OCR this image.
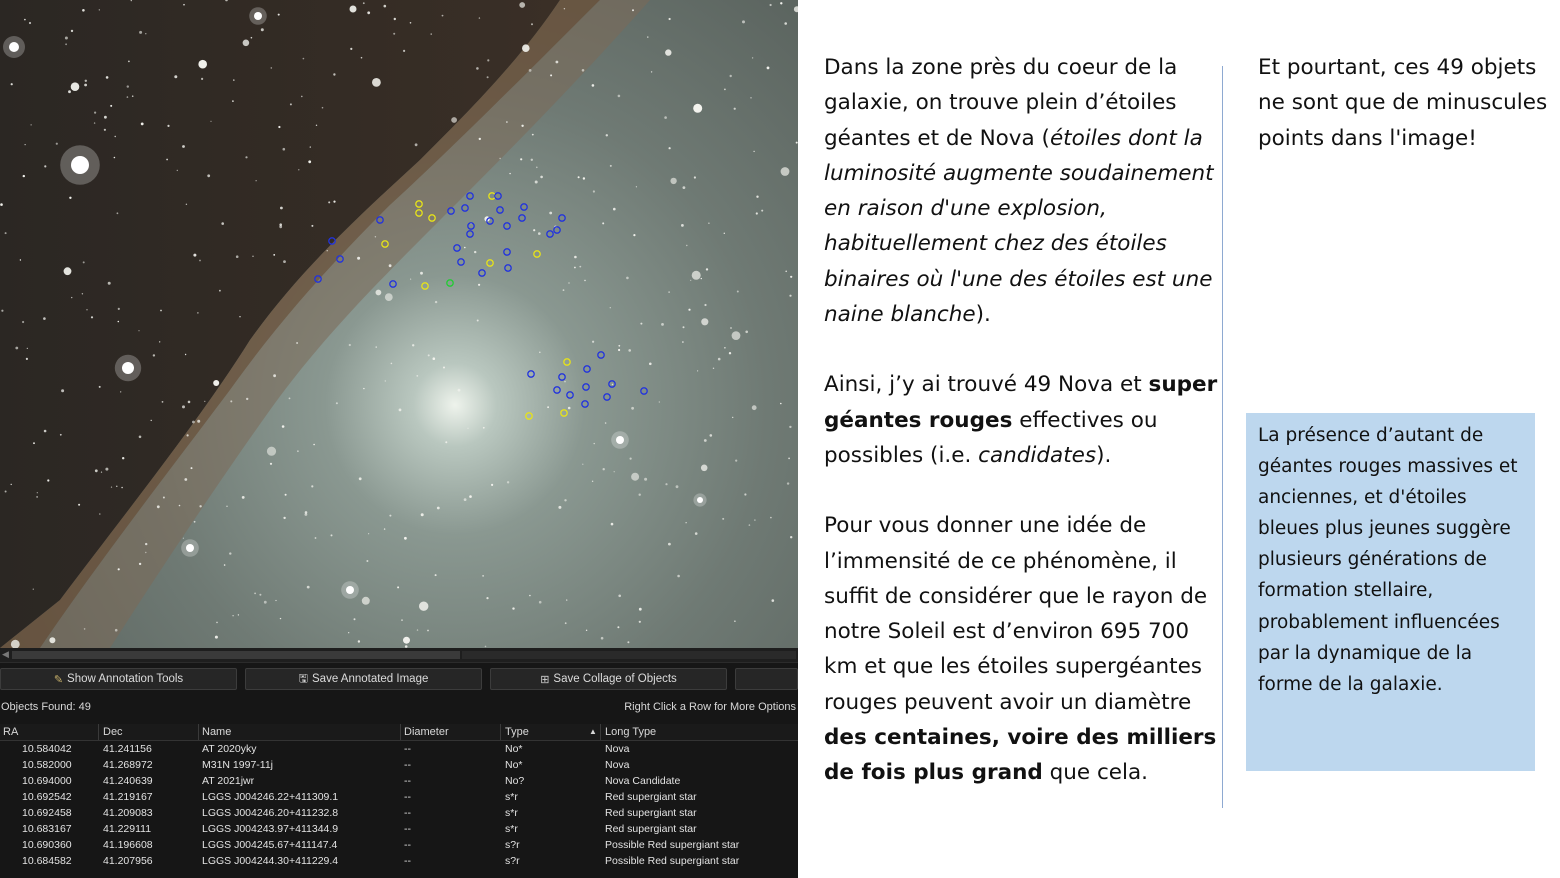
◀
✎ Show Annotation Tools	🖫 Save Annotated Image	⊞ Save Collage of Objects
Objects Found: 49	Right Click a Row for More Options
RA	Dec	Name	Diameter	Type	▲ Long Type
10.584042	41.241156	AT 2020yky	--	No*	Nova
10.582000	41.268972	M31N 1997-11j	--	No*	Nova
10.694000	41.240639	AT 2021jwr	--	No?	Nova Candidate
10.692542	41.219167	LGGS J004246.22+411309.1	--	s*r	Red supergiant star
10.692458	41.209083	LGGS J004246.20+411232.8	--	s*r	Red supergiant star
10.683167	41.229111	LGGS J004243.97+411344.9	--	s*r	Red supergiant star
10.690360	41.196608	LGGS J004245.67+411147.4	--	s?r	Possible Red supergiant star
10.684582	41.207956	LGGS J004244.30+411229.4	--	s?r	Possible Red supergiant star

Dans la zone près du coeur de la galaxie, on trouve plein d’étoiles géantes et de Nova (étoiles dont la luminosité augmente soudainement en raison d'une explosion, habituellement chez des étoiles binaires où l'une des étoiles est une naine blanche).

Ainsi, j’y ai trouvé 49 Nova et super géantes rouges effectives ou possibles (i.e. candidates).

Pour vous donner une idée de l’immensité de ce phénomène, il suffit de considérer que le rayon de notre Soleil est d’environ 695 700 km et que les étoiles supergéantes rouges peuvent avoir un diamètre des centaines, voire des milliers de fois plus grand que cela.

Et pourtant, ces 49 objets ne sont que de minuscules points dans l'image!

La présence d’autant de géantes rouges massives et anciennes, et d'étoiles bleues plus jeunes suggère plusieurs générations de formation stellaire, probablement influencées par la dynamique de la forme de la galaxie.
